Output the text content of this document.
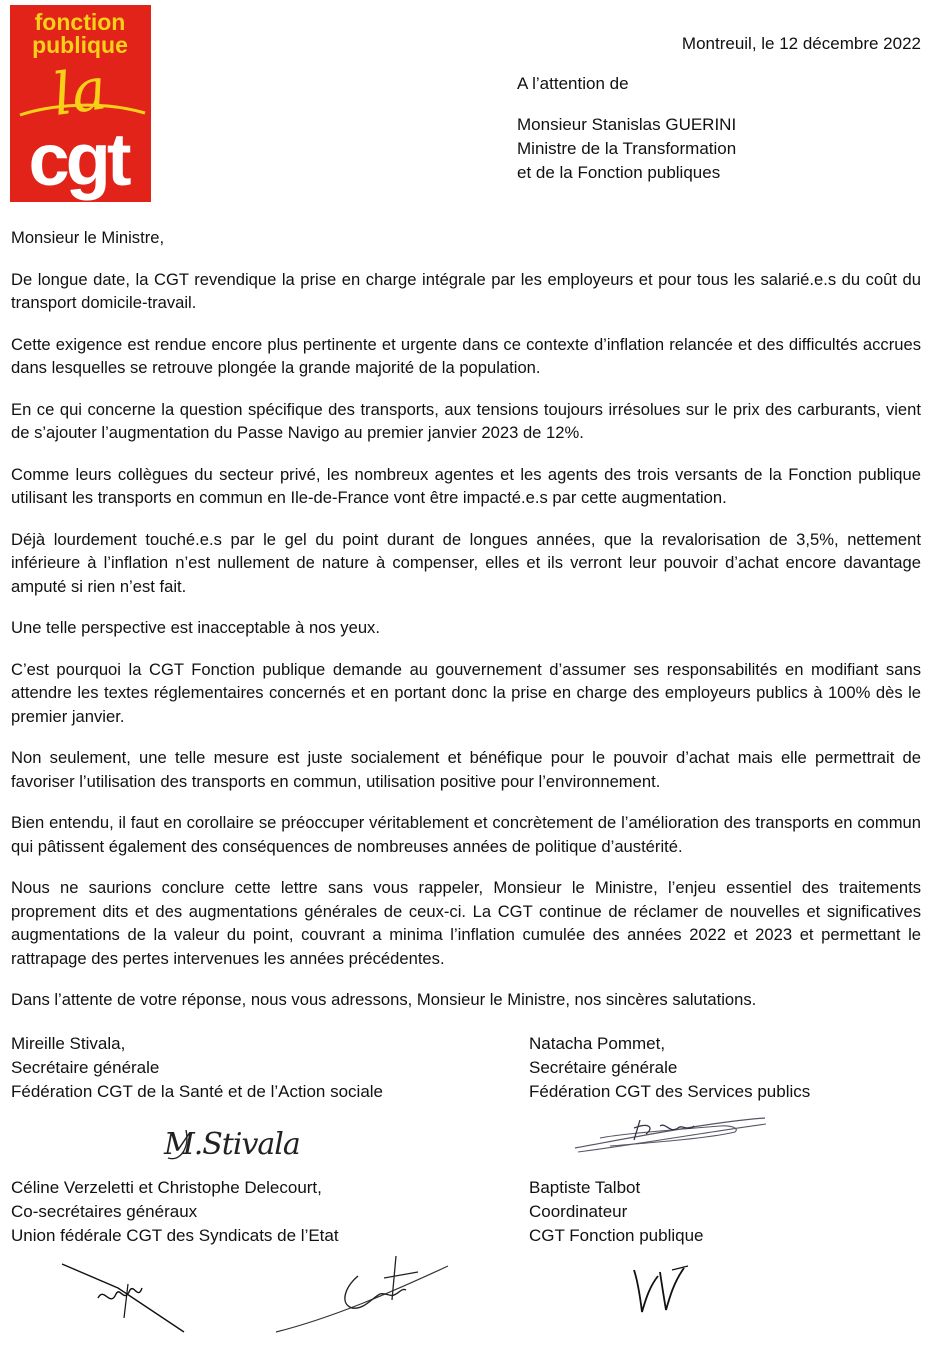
fonction
publique
la
cgt
Montreuil, le 12 décembre 2022
A l’attention de
Monsieur Stanislas GUERINI
Ministre de la Transformation
et de la Fonction publiques

Monsieur le Ministre,

De longue date, la CGT revendique la prise en charge intégrale par les employeurs et pour tous les salarié.e.s du coût du transport domicile-travail.

Cette exigence est rendue encore plus pertinente et urgente dans ce contexte d’inflation relancée et des difficultés accrues dans lesquelles se retrouve plongée la grande majorité de la population.

En ce qui concerne la question spécifique des transports, aux tensions toujours irrésolues sur le prix des carburants, vient de s’ajouter l’augmentation du Passe Navigo au premier janvier 2023 de 12%.

Comme leurs collègues du secteur privé, les nombreux agentes et les agents des trois versants de la Fonction publique utilisant les transports en commun en Ile-de-France vont être impacté.e.s par cette augmentation.

Déjà lourdement touché.e.s par le gel du point durant de longues années, que la revalorisation de 3,5%, nettement inférieure à l’inflation n’est nullement de nature à compenser, elles et ils verront leur pouvoir d’achat encore davantage amputé si rien n’est fait.

Une telle perspective est inacceptable à nos yeux.

C’est pourquoi la CGT Fonction publique demande au gouvernement d’assumer ses responsabilités en modifiant sans attendre les textes réglementaires concernés et en portant donc la prise en charge des employeurs publics à 100% dès le premier janvier.

Non seulement, une telle mesure est juste socialement et bénéfique pour le pouvoir d’achat mais elle permettrait de favoriser l’utilisation des transports en commun, utilisation positive pour l’environnement.

Bien entendu, il faut en corollaire se préoccuper véritablement et concrètement de l’amélioration des transports en commun qui pâtissent également des conséquences de nombreuses années de politique d’austérité.

Nous ne saurions conclure cette lettre sans vous rappeler, Monsieur le Ministre, l’enjeu essentiel des traitements proprement dits et des augmentations générales de ceux-ci. La CGT continue de réclamer de nouvelles et significatives augmentations de la valeur du point, couvrant a minima l’inflation cumulée des années 2022 et 2023 et permettant le rattrapage des pertes intervenues les années précédentes.

Dans l’attente de votre réponse, nous vous adressons, Monsieur le Ministre, nos sincères salutations.

Mireille Stivala,
Secrétaire générale
Fédération CGT de la Santé et de l’Action sociale
Natacha Pommet,
Secrétaire générale
Fédération CGT des Services publics
M.Stivala
Céline Verzeletti et Christophe Delecourt,
Co-secrétaires généraux
Union fédérale CGT des Syndicats de l’Etat
Baptiste Talbot
Coordinateur
CGT Fonction publique
